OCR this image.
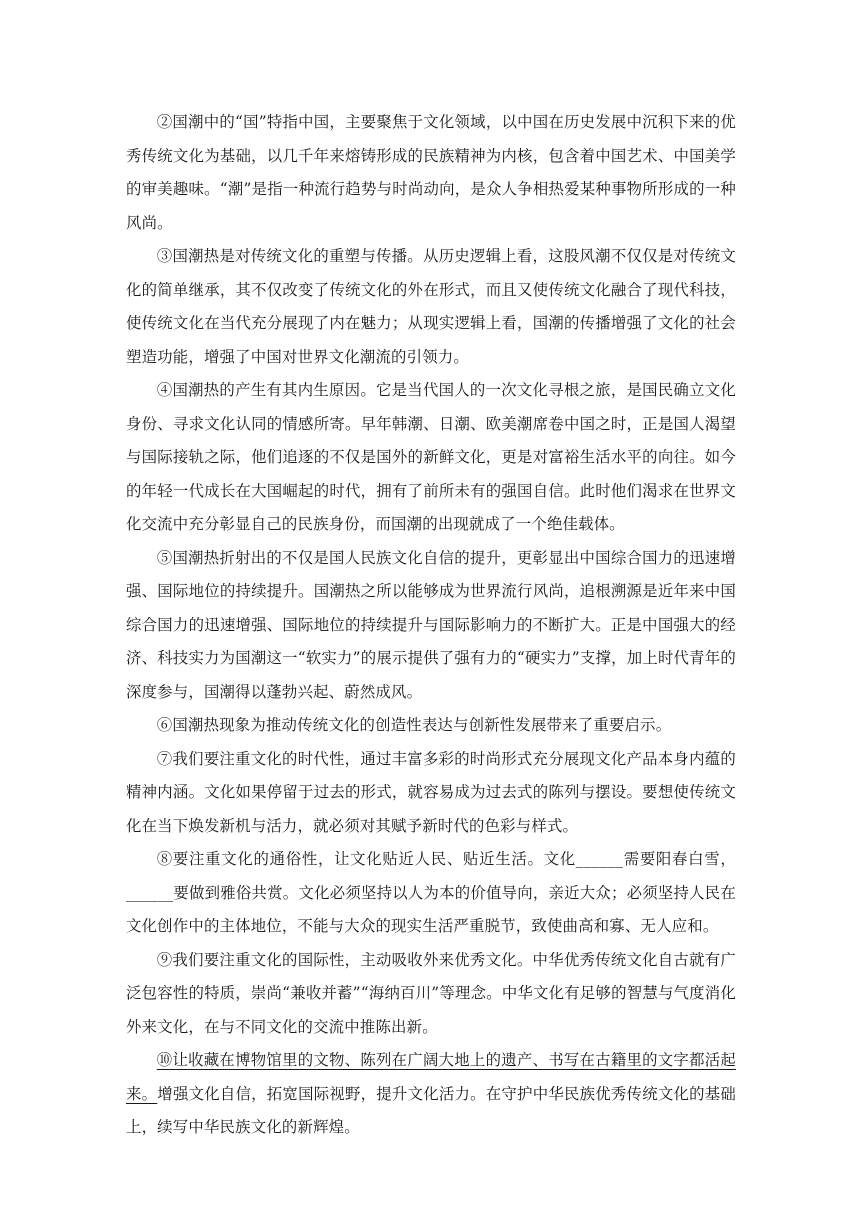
②国潮中的“国”特指中国，主要聚焦于文化领域，以中国在历史发展中沉积下来的优秀传统文化为基础，以几千年来熔铸形成的民族精神为内核，包含着中国艺术、中国美学的审美趣味。“潮”是指一种流行趋势与时尚动向，是众人争相热爱某种事物所形成的一种风尚。

③国潮热是对传统文化的重塑与传播。从历史逻辑上看，这股风潮不仅仅是对传统文化的简单继承，其不仅改变了传统文化的外在形式，而且又使传统文化融合了现代科技，使传统文化在当代充分展现了内在魅力；从现实逻辑上看，国潮的传播增强了文化的社会塑造功能，增强了中国对世界文化潮流的引领力。

④国潮热的产生有其内生原因。它是当代国人的一次文化寻根之旅，是国民确立文化身份、寻求文化认同的情感所寄。早年韩潮、日潮、欧美潮席卷中国之时，正是国人渴望与国际接轨之际，他们追逐的不仅是国外的新鲜文化，更是对富裕生活水平的向往。如今的年轻一代成长在大国崛起的时代，拥有了前所未有的强国自信。此时他们渴求在世界文化交流中充分彰显自己的民族身份，而国潮的出现就成了一个绝佳载体。

⑤国潮热折射出的不仅是国人民族文化自信的提升，更彰显出中国综合国力的迅速增强、国际地位的持续提升。国潮热之所以能够成为世界流行风尚，追根溯源是近年来中国综合国力的迅速增强、国际地位的持续提升与国际影响力的不断扩大。正是中国强大的经济、科技实力为国潮这一“软实力”的展示提供了强有力的“硬实力”支撑，加上时代青年的深度参与，国潮得以蓬勃兴起、蔚然成风。

⑥国潮热现象为推动传统文化的创造性表达与创新性发展带来了重要启示。

⑦我们要注重文化的时代性，通过丰富多彩的时尚形式充分展现文化产品本身内蕴的精神内涵。文化如果停留于过去的形式，就容易成为过去式的陈列与摆设。要想使传统文化在当下焕发新机与活力，就必须对其赋予新时代的色彩与样式。

⑧要注重文化的通俗性，让文化贴近人民、贴近生活。文化______需要阳春白雪，______要做到雅俗共赏。文化必须坚持以人为本的价值导向，亲近大众；必须坚持人民在文化创作中的主体地位，不能与大众的现实生活严重脱节，致使曲高和寡、无人应和。

⑨我们要注重文化的国际性，主动吸收外来优秀文化。中华优秀传统文化自古就有广泛包容性的特质，崇尚“兼收并蓄”“海纳百川”等理念。中华文化有足够的智慧与气度消化外来文化，在与不同文化的交流中推陈出新。

⑩让收藏在博物馆里的文物、陈列在广阔大地上的遗产、书写在古籍里的文字都活起来。增强文化自信，拓宽国际视野，提升文化活力。在守护中华民族优秀传统文化的基础上，续写中华民族文化的新辉煌。
